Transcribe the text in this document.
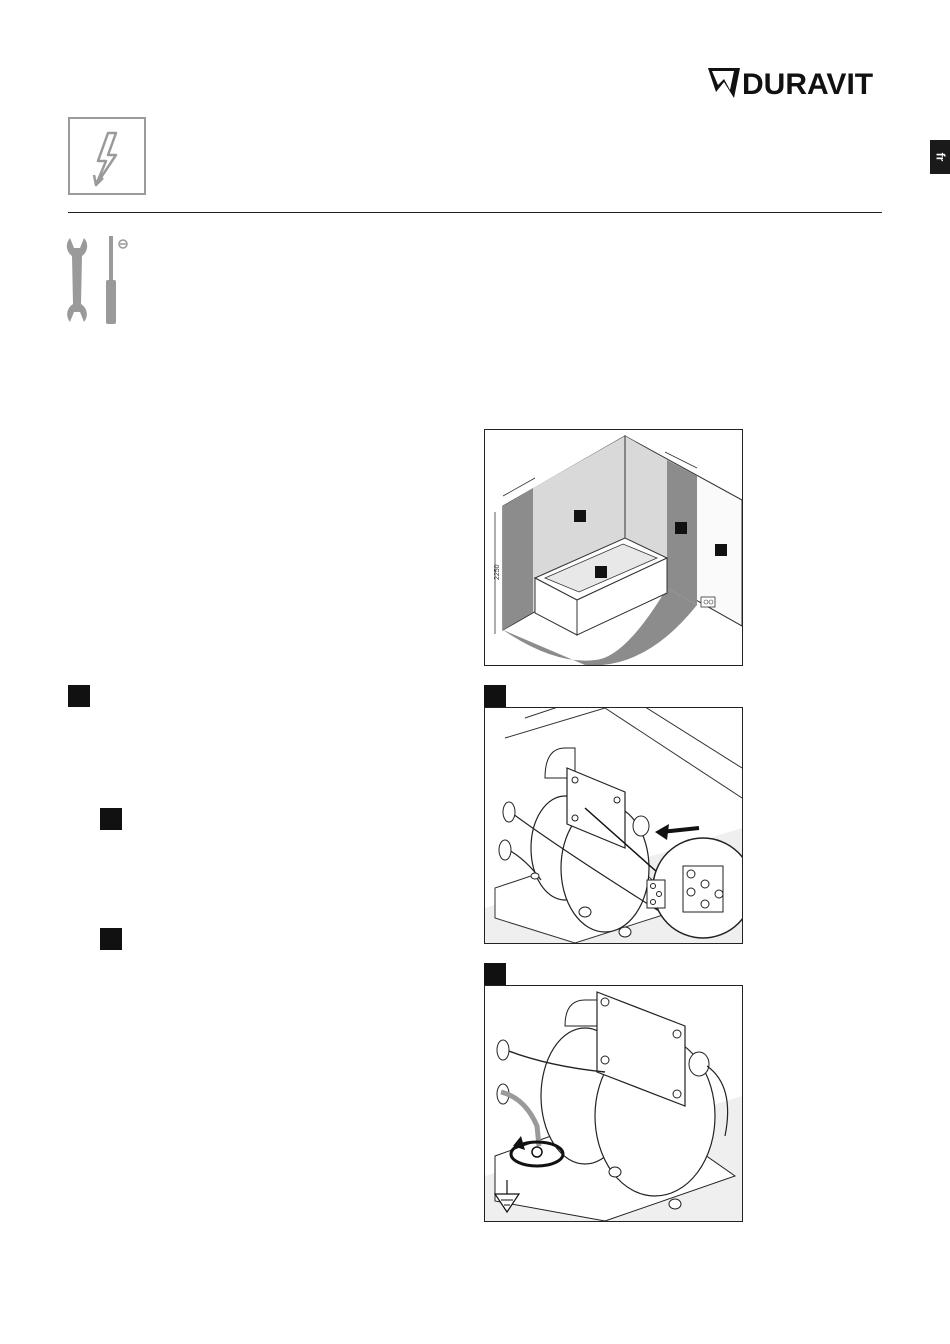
DURAVIT
fr
2250
